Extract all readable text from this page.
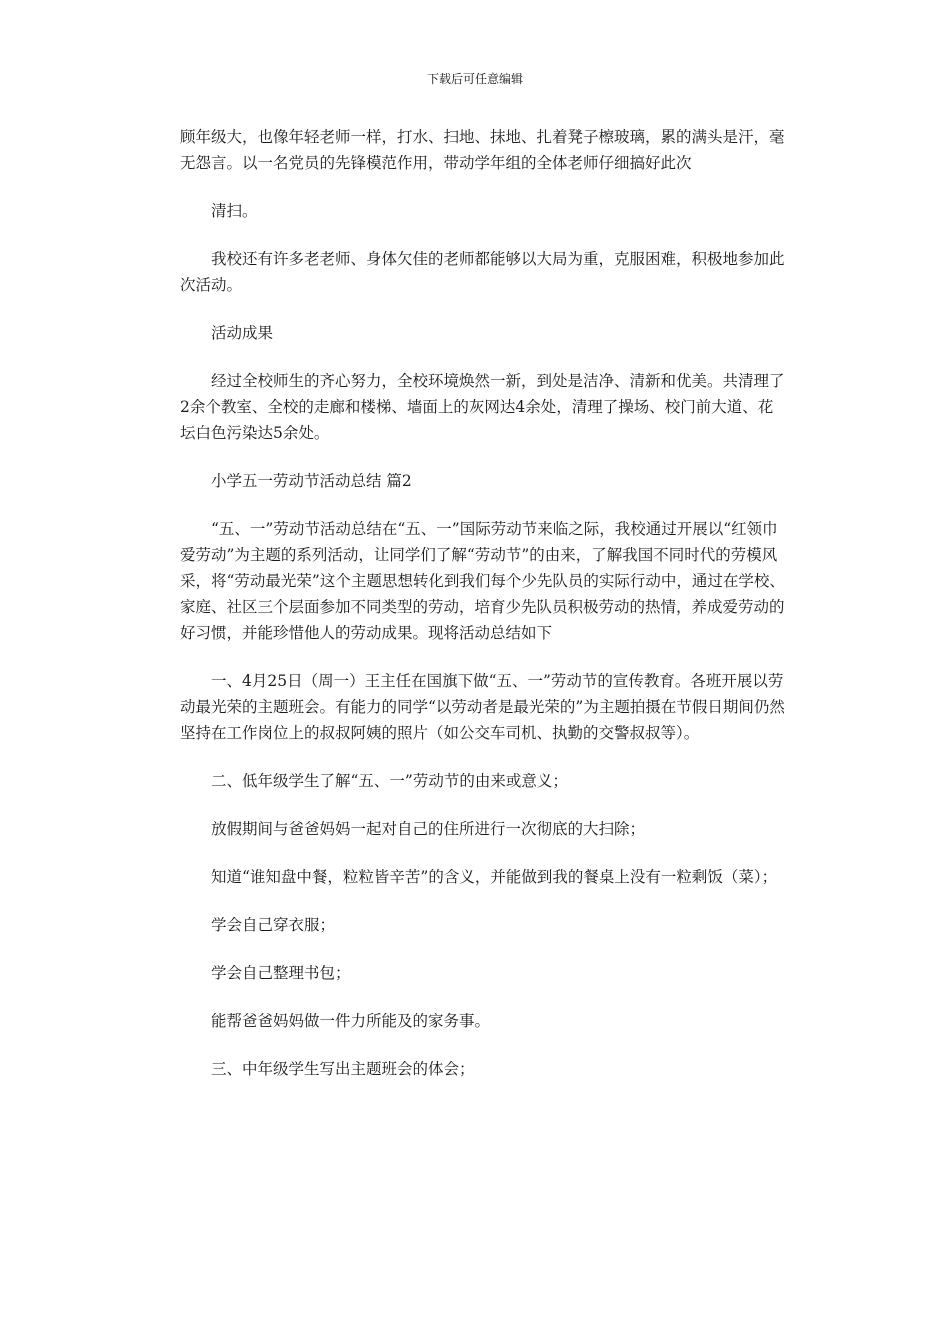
下载后可任意编辑

顾年级大，也像年轻老师一样，打水、扫地、抹地、扎着凳子檫玻璃，累的满头是汗，毫无怨言。以一名党员的先锋模范作用，带动学年组的全体老师仔细搞好此次

清扫。

我校还有许多老老师、身体欠佳的老师都能够以大局为重，克服困难，积极地参加此次活动。

活动成果

经过全校师生的齐心努力，全校环境焕然一新，到处是洁净、清新和优美。共清理了2余个教室、全校的走廊和楼梯、墙面上的灰网达4余处，清理了操场、校门前大道、花坛白色污染达5余处。

小学五一劳动节活动总结 篇2

“五、一”劳动节活动总结在“五、一”国际劳动节来临之际，我校通过开展以“红领巾爱劳动”为主题的系列活动，让同学们了解“劳动节”的由来，了解我国不同时代的劳模风采，将“劳动最光荣”这个主题思想转化到我们每个少先队员的实际行动中，通过在学校、家庭、社区三个层面参加不同类型的劳动，培育少先队员积极劳动的热情，养成爱劳动的好习惯，并能珍惜他人的劳动成果。现将活动总结如下

一、4月25日（周一）王主任在国旗下做“五、一”劳动节的宣传教育。各班开展以劳动最光荣的主题班会。有能力的同学“以劳动者是最光荣的”为主题拍摄在节假日期间仍然坚持在工作岗位上的叔叔阿姨的照片（如公交车司机、执勤的交警叔叔等）。

二、低年级学生了解“五、一”劳动节的由来或意义；

放假期间与爸爸妈妈一起对自己的住所进行一次彻底的大扫除；

知道“谁知盘中餐，粒粒皆辛苦”的含义，并能做到我的餐桌上没有一粒剩饭（菜）；

学会自己穿衣服；

学会自己整理书包；

能帮爸爸妈妈做一件力所能及的家务事。

三、中年级学生写出主题班会的体会；
